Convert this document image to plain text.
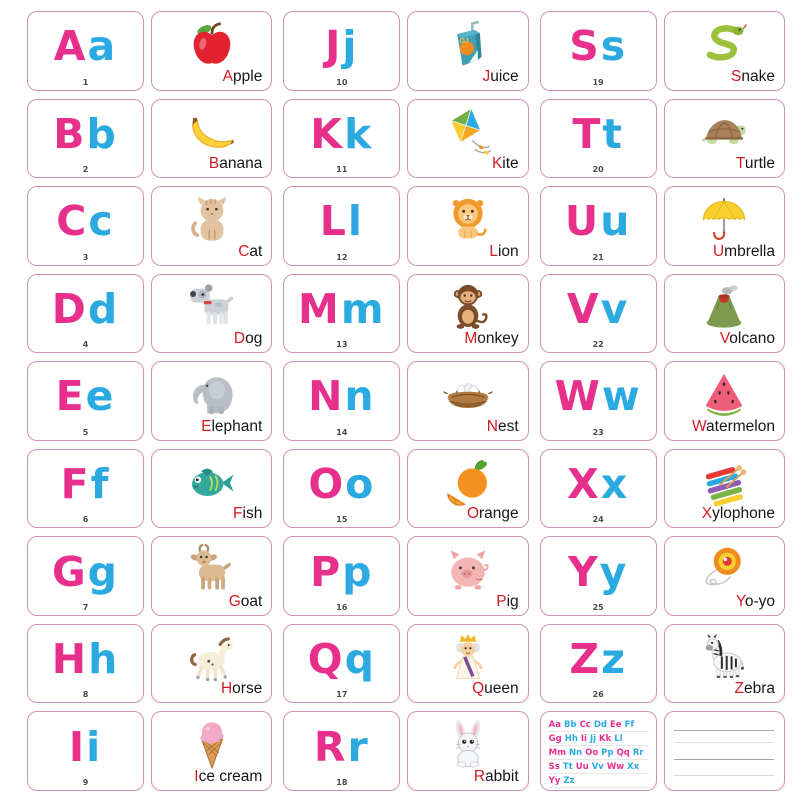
Aa
1	Apple
Bb
2	Banana
Cc
3	Cat
Dd
4	Dog
Ee
5	Elephant
Ff
6	Fish
Gg
7	Goat
Hh
8	Horse
Ii
9	Ice cream
Jj
10
OJ
Juice
Kk
11	Kite
Ll
12	Lion
Mm
13	Monkey
Nn
14	Nest
Oo
15	Orange
Pp
16	Pig
Qq
17	Queen
Rr
18	Rabbit
Ss
19	Snake
Tt
20	Turtle
Uu
21	Umbrella
Vv
22	Volcano
Ww
23	Watermelon
Xx
24	Xylophone
Yy
25	Yo-yo
Zz
26	Zebra
Aa Bb Cc Dd Ee Ff
Gg Hh Ii Jj Kk Ll
Mm Nn Oo Pp Qq Rr
Ss Tt Uu Vv Ww Xx
Yy Zz
